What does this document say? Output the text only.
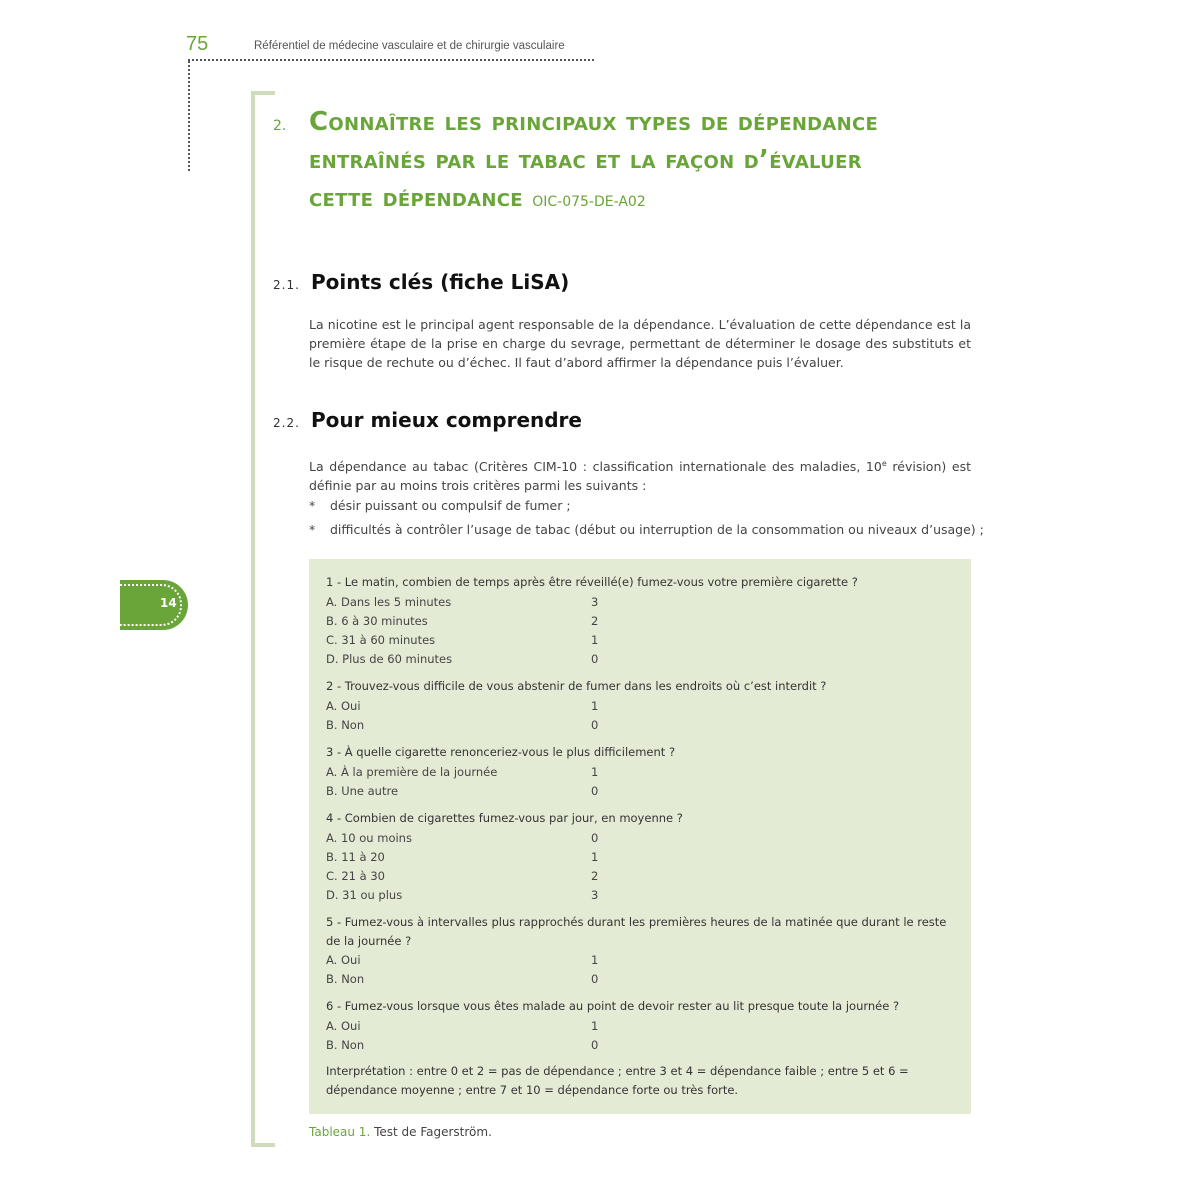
75	Référentiel de médecine vasculaire et de chirurgie vasculaire
14
2. Connaître les principaux types de dépendance
entraînés par le tabac et la façon d’évaluer
cette dépendance OIC-075-DE-A02
2.1. Points clés (fiche LiSA)
La nicotine est le principal agent responsable de la dépendance. L’évaluation de cette dépendance est la première étape de la prise en charge du sevrage, permettant de déterminer le dosage des substituts et le risque de rechute ou d’échec. Il faut d’abord affirmer la dépendance puis l’évaluer.
2.2. Pour mieux comprendre
La dépendance au tabac (Critères CIM-10 : classification internationale des maladies, 10e révision) est définie par au moins trois critères parmi les suivants :
* désir puissant ou compulsif de fumer ;
* difficultés à contrôler l’usage de tabac (début ou interruption de la consommation ou niveaux d’usage) ;
1 - Le matin, combien de temps après être réveillé(e) fumez-vous votre première cigarette ?
A. Dans les 5 minutes	3
B. 6 à 30 minutes	2
C. 31 à 60 minutes	1
D. Plus de 60 minutes	0
2 - Trouvez-vous difficile de vous abstenir de fumer dans les endroits où c’est interdit ?
A. Oui	1
B. Non	0
3 - À quelle cigarette renonceriez-vous le plus difficilement ?
A. À la première de la journée	1
B. Une autre	0
4 - Combien de cigarettes fumez-vous par jour, en moyenne ?
A. 10 ou moins	0
B. 11 à 20	1
C. 21 à 30	2
D. 31 ou plus	3
5 - Fumez-vous à intervalles plus rapprochés durant les premières heures de la matinée que durant le reste de la journée ?
A. Oui	1
B. Non	0
6 - Fumez-vous lorsque vous êtes malade au point de devoir rester au lit presque toute la journée ?
A. Oui	1
B. Non	0
Interprétation : entre 0 et 2 = pas de dépendance ; entre 3 et 4 = dépendance faible ; entre 5 et 6 = dépendance moyenne ; entre 7 et 10 = dépendance forte ou très forte.
Tableau 1. Test de Fagerström.
